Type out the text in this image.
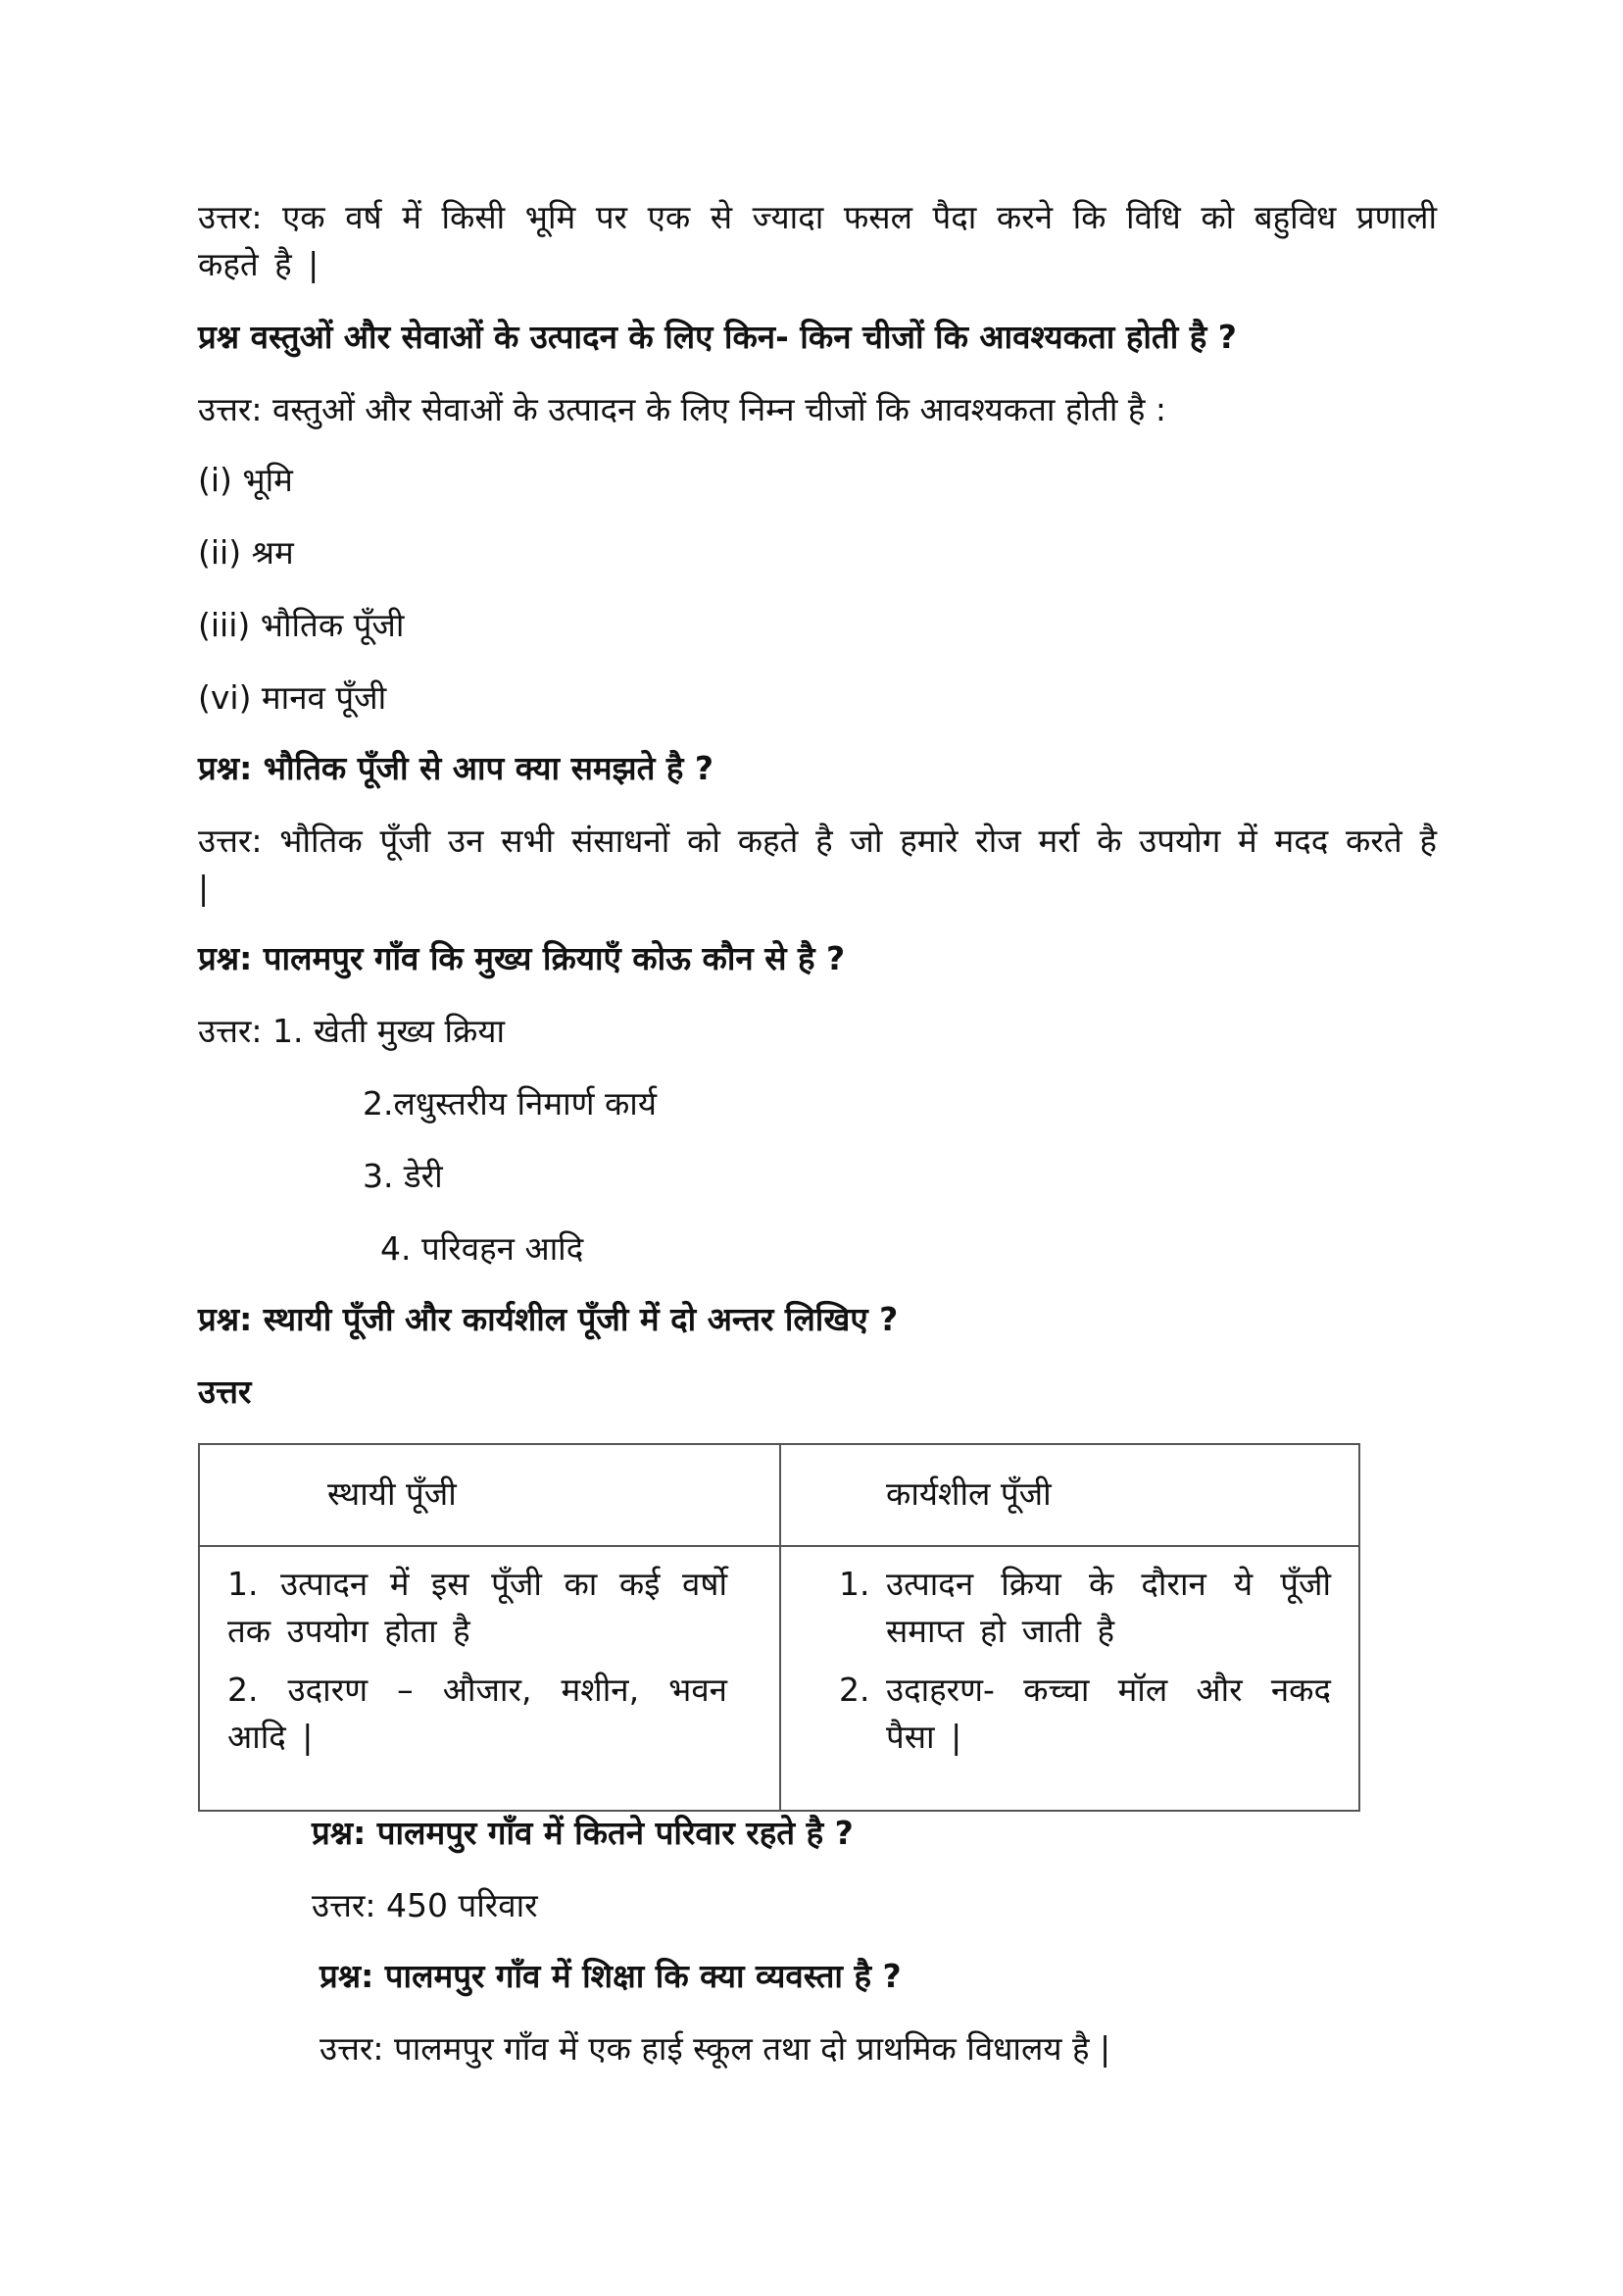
उत्तर: एक वर्ष में किसी भूमि पर एक से ज्यादा फसल पैदा करने कि विधि को बहुविध प्रणाली कहते है |

प्रश्न वस्तुओं और सेवाओं के उत्पादन के लिए किन- किन चीजों कि आवश्यकता होती है ?

उत्तर: वस्तुओं और सेवाओं के उत्पादन के लिए निम्न चीजों कि आवश्यकता होती है :

(i) भूमि

(ii) श्रम

(iii) भौतिक पूँजी

(vi) मानव पूँजी

प्रश्न: भौतिक पूँजी से आप क्या समझते है ?

उत्तर: भौतिक पूँजी उन सभी संसाधनों को कहते है जो हमारे रोज मर्रा के उपयोग में मदद करते है |

प्रश्न: पालमपुर गाँव कि मुख्य क्रियाएँ कोऊ कौन से है ?

उत्तर: 1. खेती मुख्य क्रिया

2.लधुस्तरीय निमार्ण कार्य

3. डेरी

4. परिवहन आदि

प्रश्न: स्थायी पूँजी और कार्यशील पूँजी में दो अन्तर लिखिए ?

उत्तर

स्थायी पूँजी	कार्यशील पूँजी
1. उत्पादन में इस पूँजी का कई वर्षो तक उपयोग होता है
2. उदारण – औजार, मशीन, भवन आदि |
1. उत्पादन क्रिया के दौरान ये पूँजी समाप्त हो जाती है
2. उदाहरण- कच्चा मॉल और नकद पैसा |

प्रश्न: पालमपुर गाँव में कितने परिवार रहते है ?

उत्तर: 450 परिवार

प्रश्न: पालमपुर गाँव में शिक्षा कि क्या व्यवस्ता है ?

उत्तर: पालमपुर गाँव में एक हाई स्कूल तथा दो प्राथमिक विधालय है |
